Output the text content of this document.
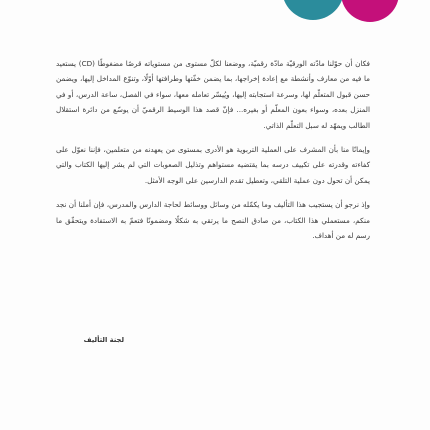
فكان أن حوّلنا مادّته الورقيّة مادّة رقميّة، ووضعنا لكلّ مستوى من مستوياته قرصًا مضغوطًا (CD) يستعيد ما فيه من معارف وأنشطة مع إعادة إخراجها، بما يضمن خفّتها وطرافتها أوّلًا، وتنوّع المداخل إليها، ويضمن حسن قبول المتعلّم لها، وسرعة استجابته إليها، ويُيسّر تعامله معها، سواء في الفصل، ساعة الدرس، أو في المنزل بعده، وسواء بعون المعلّم أو بغيره... فإنّ قصد هذا الوسيط الرقميّ أن يوسّع من دائرة استقلال الطالب ويمهّد له سبل التعلّم الذاتي.

وإيمانًا منا بأن المشرف على العملية التربوية هو الأدرى بمستوى من يعهدنه من متعلمين، فإننا نعوّل على كفاءته وقدرته على تكييف درسه بما يقتضيه مستواهم وتذليل الصعوبات التي لم يشر إليها الكتاب والتي يمكن أن تحول دون عملية التلقي، وتعطيل تقدم الدارسين على الوجه الأمثل.

وإذ نرجو أن يستجيب هذا التأليف وما يكمّله من وسائل ووسائط لحاجة الدارس والمدرس، فإن أملنا أن نجد منكم، مستعملي هذا الكتاب، من صادق النصح ما يرتقي به شكلًا ومضمونًا فتعمّ به الاستفادة ويتحقّق ما رسم له من أهداف.

لجنة التأليف
